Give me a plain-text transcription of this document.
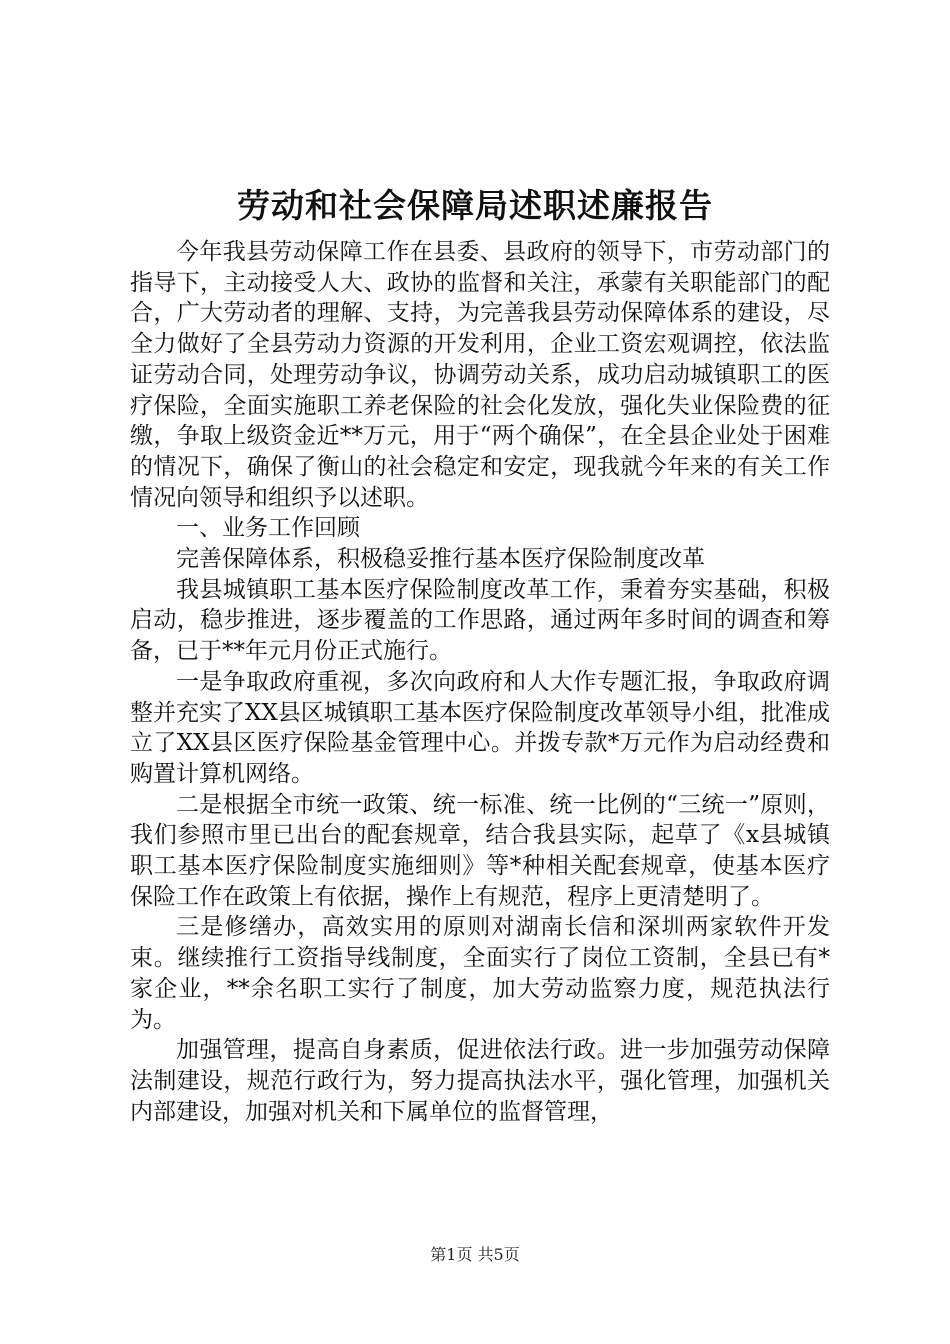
劳动和社会保障局述职述廉报告

今年我县劳动保障工作在县委、县政府的领导下，市劳动部门的指导下，主动接受人大、政协的监督和关注，承蒙有关职能部门的配合，广大劳动者的理解、支持，为完善我县劳动保障体系的建设，尽全力做好了全县劳动力资源的开发利用，企业工资宏观调控，依法监证劳动合同，处理劳动争议，协调劳动关系，成功启动城镇职工的医疗保险，全面实施职工养老保险的社会化发放，强化失业保险费的征缴，争取上级资金近**万元，用于“两个确保”，在全县企业处于困难的情况下，确保了衡山的社会稳定和安定，现我就今年来的有关工作情况向领导和组织予以述职。

一、业务工作回顾

完善保障体系，积极稳妥推行基本医疗保险制度改革

我县城镇职工基本医疗保险制度改革工作，秉着夯实基础，积极启动，稳步推进，逐步覆盖的工作思路，通过两年多时间的调查和筹备，已于**年元月份正式施行。

一是争取政府重视，多次向政府和人大作专题汇报，争取政府调整并充实了XX县区城镇职工基本医疗保险制度改革领导小组，批准成立了XX县区医疗保险基金管理中心。并拨专款*万元作为启动经费和购置计算机网络。

二是根据全市统一政策、统一标准、统一比例的“三统一”原则，我们参照市里已出台的配套规章，结合我县实际，起草了《x县城镇职工基本医疗保险制度实施细则》等*种相关配套规章，使基本医疗保险工作在政策上有依据，操作上有规范，程序上更清楚明了。

三是修缮办，高效实用的原则对湖南长信和深圳两家软件开发束。继续推行工资指导线制度，全面实行了岗位工资制，全县已有*家企业，**余名职工实行了制度，加大劳动监察力度，规范执法行为。

加强管理，提高自身素质，促进依法行政。进一步加强劳动保障法制建设，规范行政行为，努力提高执法水平，强化管理，加强机关内部建设，加强对机关和下属单位的监督管理，

第1页 共5页
